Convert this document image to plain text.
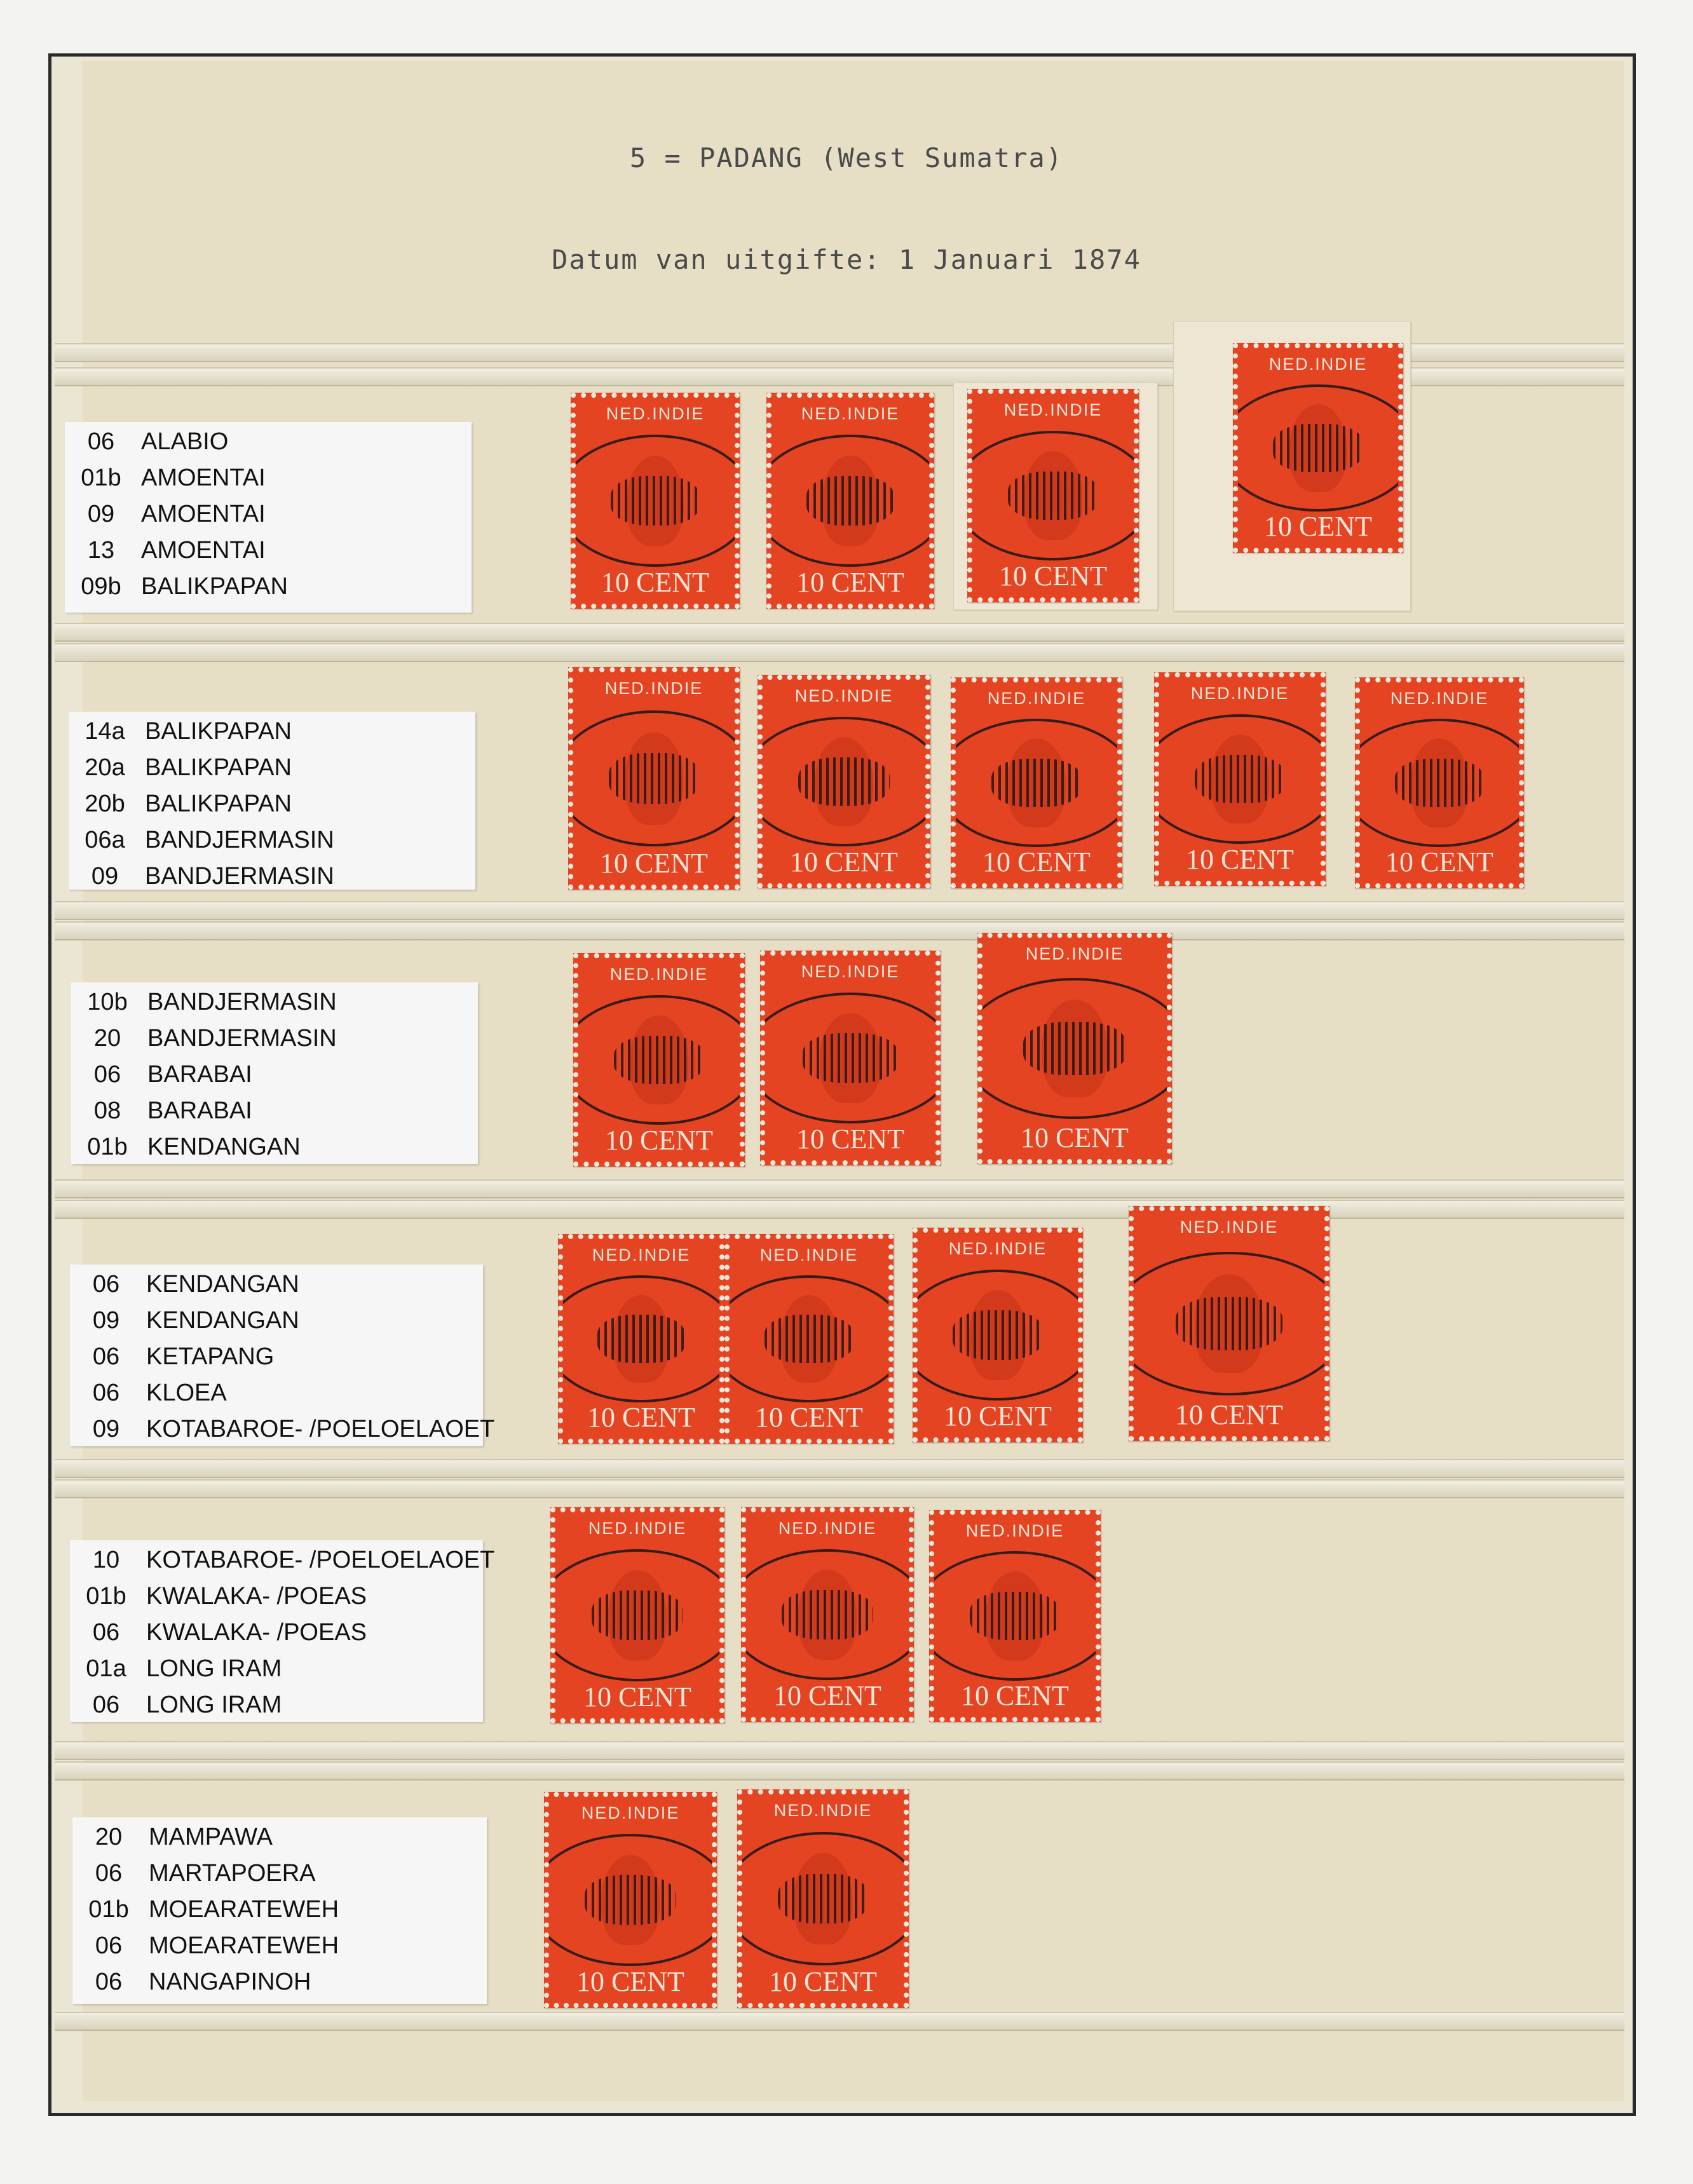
5 = PADANG (West Sumatra)
Datum van uitgifte: 1 Januari 1874
06	ALABIO
01b AMOENTAI
09	AMOENTAI
13	AMOENTAI
09b BALIKPAPAN
14a BALIKPAPAN
20a BALIKPAPAN
20b BALIKPAPAN
06a BANDJERMASIN
09	BANDJERMASIN
10b BANDJERMASIN
20	BANDJERMASIN
06	BARABAI
08	BARABAI
01b KENDANGAN
06	KENDANGAN
09	KENDANGAN
06	KETAPANG
06	KLOEA
09	KOTABAROE- /POELOELAOET
10	KOTABAROE- /POELOELAOET
01b KWALAKA- /POEAS
06	KWALAKA- /POEAS
01a LONG IRAM
06	LONG IRAM
20	MAMPAWA
06	MARTAPOERA
01b MOEARATEWEH
06	MOEARATEWEH
06	NANGAPINOH
NED.INDIE
10 CENT
NED.INDIE
10 CENT
NED.INDIE
10 CENT
NED.INDIE
10 CENT
NED.INDIE
10 CENT
NED.INDIE
10 CENT
NED.INDIE
10 CENT
NED.INDIE
10 CENT
NED.INDIE
10 CENT
NED.INDIE
10 CENT
NED.INDIE
10 CENT
NED.INDIE
10 CENT
NED.INDIE
10 CENT
NED.INDIE
10 CENT
NED.INDIE
10 CENT
NED.INDIE
10 CENT
NED.INDIE
10 CENT
NED.INDIE
10 CENT
NED.INDIE
10 CENT
NED.INDIE
10 CENT
NED.INDIE
10 CENT
